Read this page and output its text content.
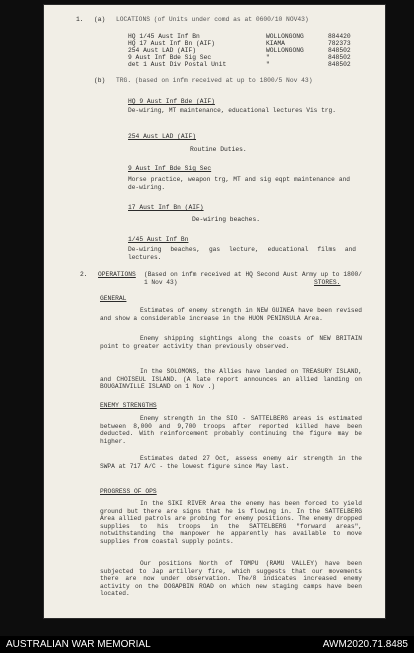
1. (a) LOCATIONS (of Units under comd as at 0600/10 NOV43)
HQ 1/45 Aust Inf Bn	WOLLONGONG	884420
HQ 17 Aust Inf Bn (AIF)	KIAMA	782373
254 Aust LAD (AIF)	WOLLONGONG	848502
9 Aust Inf Bde Sig Sec	"	848502
det 1 Aust Div Postal Unit	"	848502
(b) TRG. (based on infm received at up to 1800/5 Nov 43)
HQ 9 Aust Inf Bde (AIF)
De-wiring, MT maintenance, educational lectures Vis trg.
254 Aust LAD (AIF)
Routine Duties.
9 Aust Inf Bde Sig Sec
Morse practice, weapon trg, MT and sig eqpt maintenance and de-wiring.
17 Aust Inf Bn (AIF)
De-wiring beaches.
1/45 Aust Inf Bn
De-wiring beaches, gas lecture, educational films and lectures.
2. OPERATIONS (Based on infm received at HQ Second Aust Army up to 1800/ 1 Nov 43)	STORES.
GENERAL
Estimates of enemy strength in NEW GUINEA have been revised and show a considerable increase in the HUON PENINSULA Area.
Enemy shipping sightings along the coasts of NEW BRITAIN point to greater activity than previously observed.
In the SOLOMONS, the Allies have landed on TREASURY ISLAND, and CHOISEUL ISLAND. (A late report announces an allied landing on BOUGAINVILLE ISLAND on 1 Nov .)
ENEMY STRENGTHS
Enemy strength in the SIO - SATTELBERG areas is estimated between 8,000 and 9,700 troops after reported killed have been deducted. With reinforcement probably continuing the figure may be higher.
Estimates dated 27 Oct, assess enemy air strength in the SWPA at 717 A/C - the lowest figure since May last.
PROGRESS OF OPS
In the SIKI RIVER Area the enemy has been forced to yield ground but there are signs that he is flowing in. In the SATTELBERG Area allied patrols are probing for enemy positions. The enemy dropped supplies to his troops in the SATTELBERG "forward areas", notwithstanding the manpower he apparently has available to move supplies from coastal supply points.
Our positions North of TOMPU (RAMU VALLEY) have been subjected to Jap artillery fire, which suggests that our movements there are now under observation. The/8 indicates increased enemy activity on the DOGAPBIN ROAD on which new staging camps have been located.
AUSTRALIAN WAR MEMORIAL	AWM2020.71.8485
